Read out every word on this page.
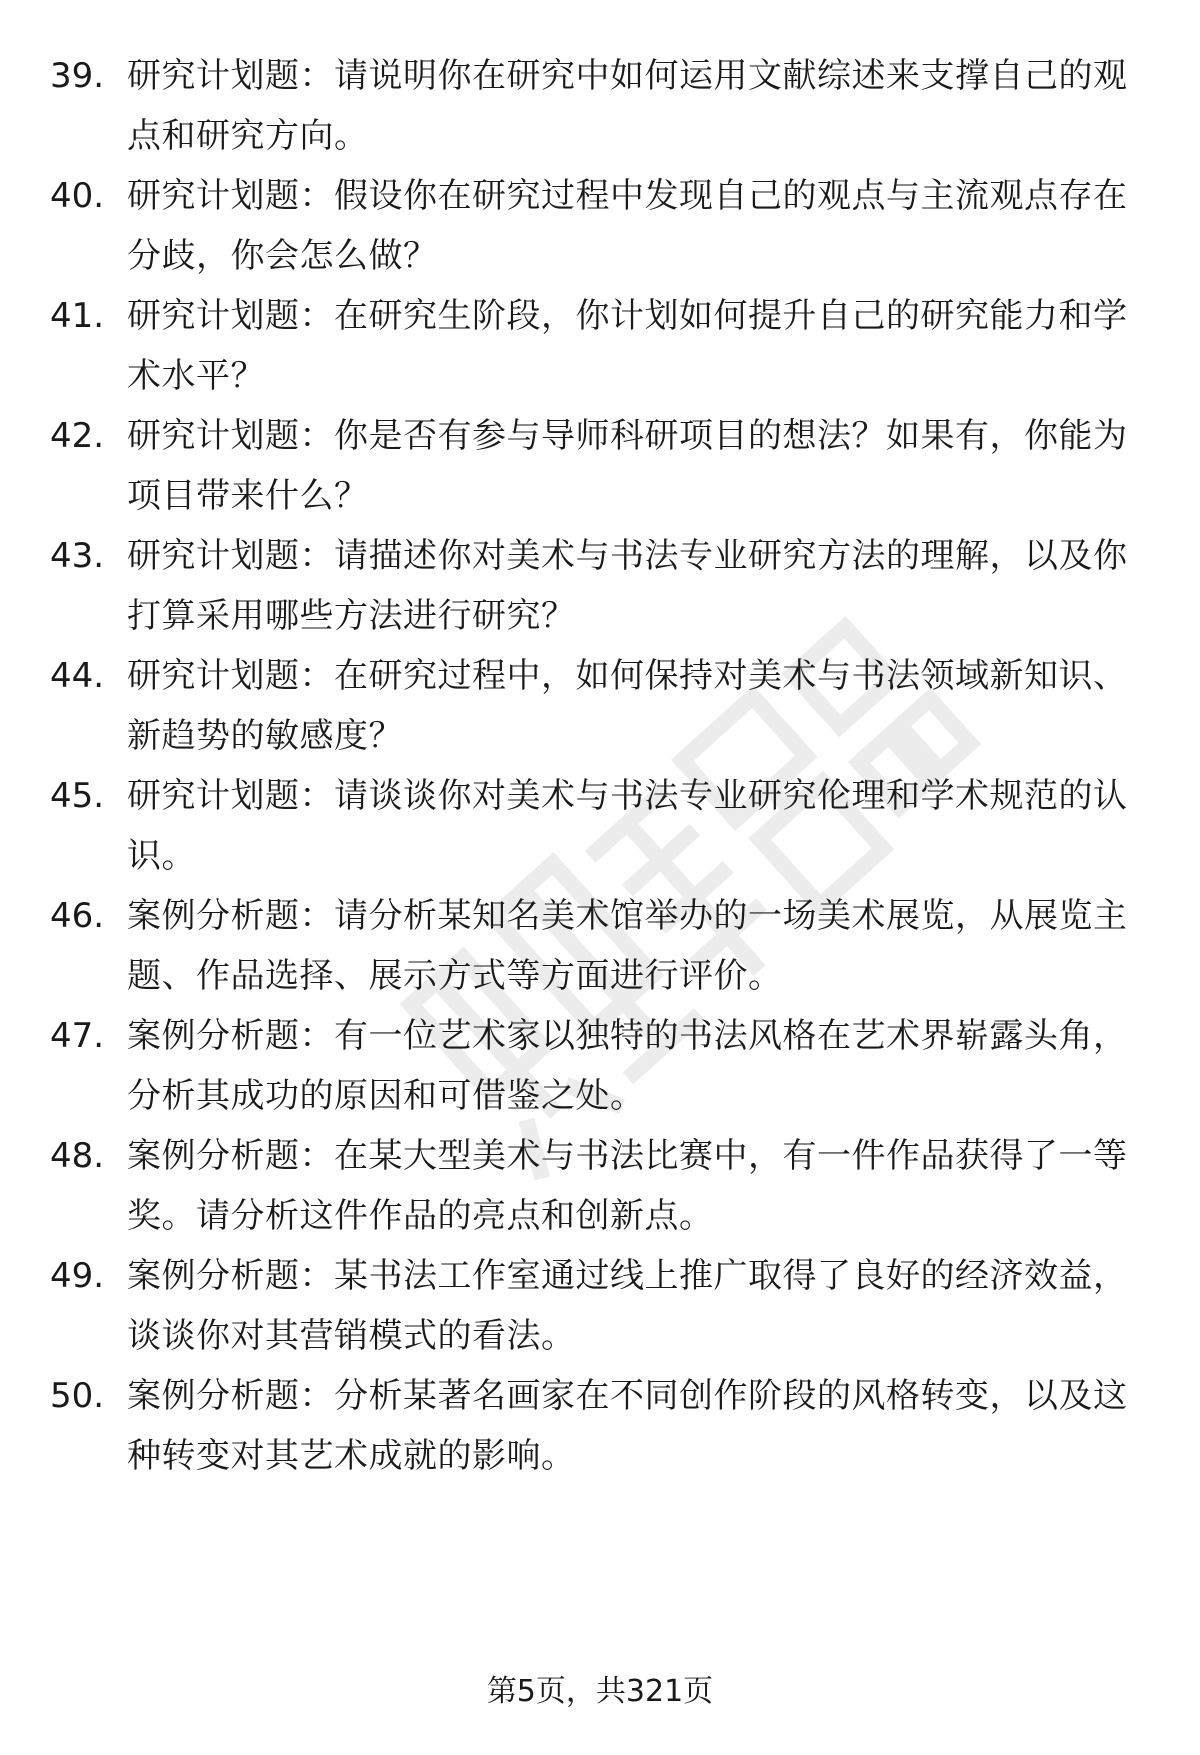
39. 研究计划题：请说明你在研究中如何运用文献综述来支撑自己的观点和研究方向。
40. 研究计划题：假设你在研究过程中发现自己的观点与主流观点存在分歧，你会怎么做？
41. 研究计划题：在研究生阶段，你计划如何提升自己的研究能力和学术水平？
42. 研究计划题：你是否有参与导师科研项目的想法？如果有，你能为项目带来什么？
43. 研究计划题：请描述你对美术与书法专业研究方法的理解，以及你打算采用哪些方法进行研究？
44. 研究计划题：在研究过程中，如何保持对美术与书法领域新知识、新趋势的敏感度？
45. 研究计划题：请谈谈你对美术与书法专业研究伦理和学术规范的认识。
46. 案例分析题：请分析某知名美术馆举办的一场美术展览，从展览主题、作品选择、展示方式等方面进行评价。
47. 案例分析题：有一位艺术家以独特的书法风格在艺术界崭露头角，分析其成功的原因和可借鉴之处。
48. 案例分析题：在某大型美术与书法比赛中，有一件作品获得了一等奖。请分析这件作品的亮点和创新点。
49. 案例分析题：某书法工作室通过线上推广取得了良好的经济效益，谈谈你对其营销模式的看法。
50. 案例分析题：分析某著名画家在不同创作阶段的风格转变，以及这种转变对其艺术成就的影响。
第5页，共321页
